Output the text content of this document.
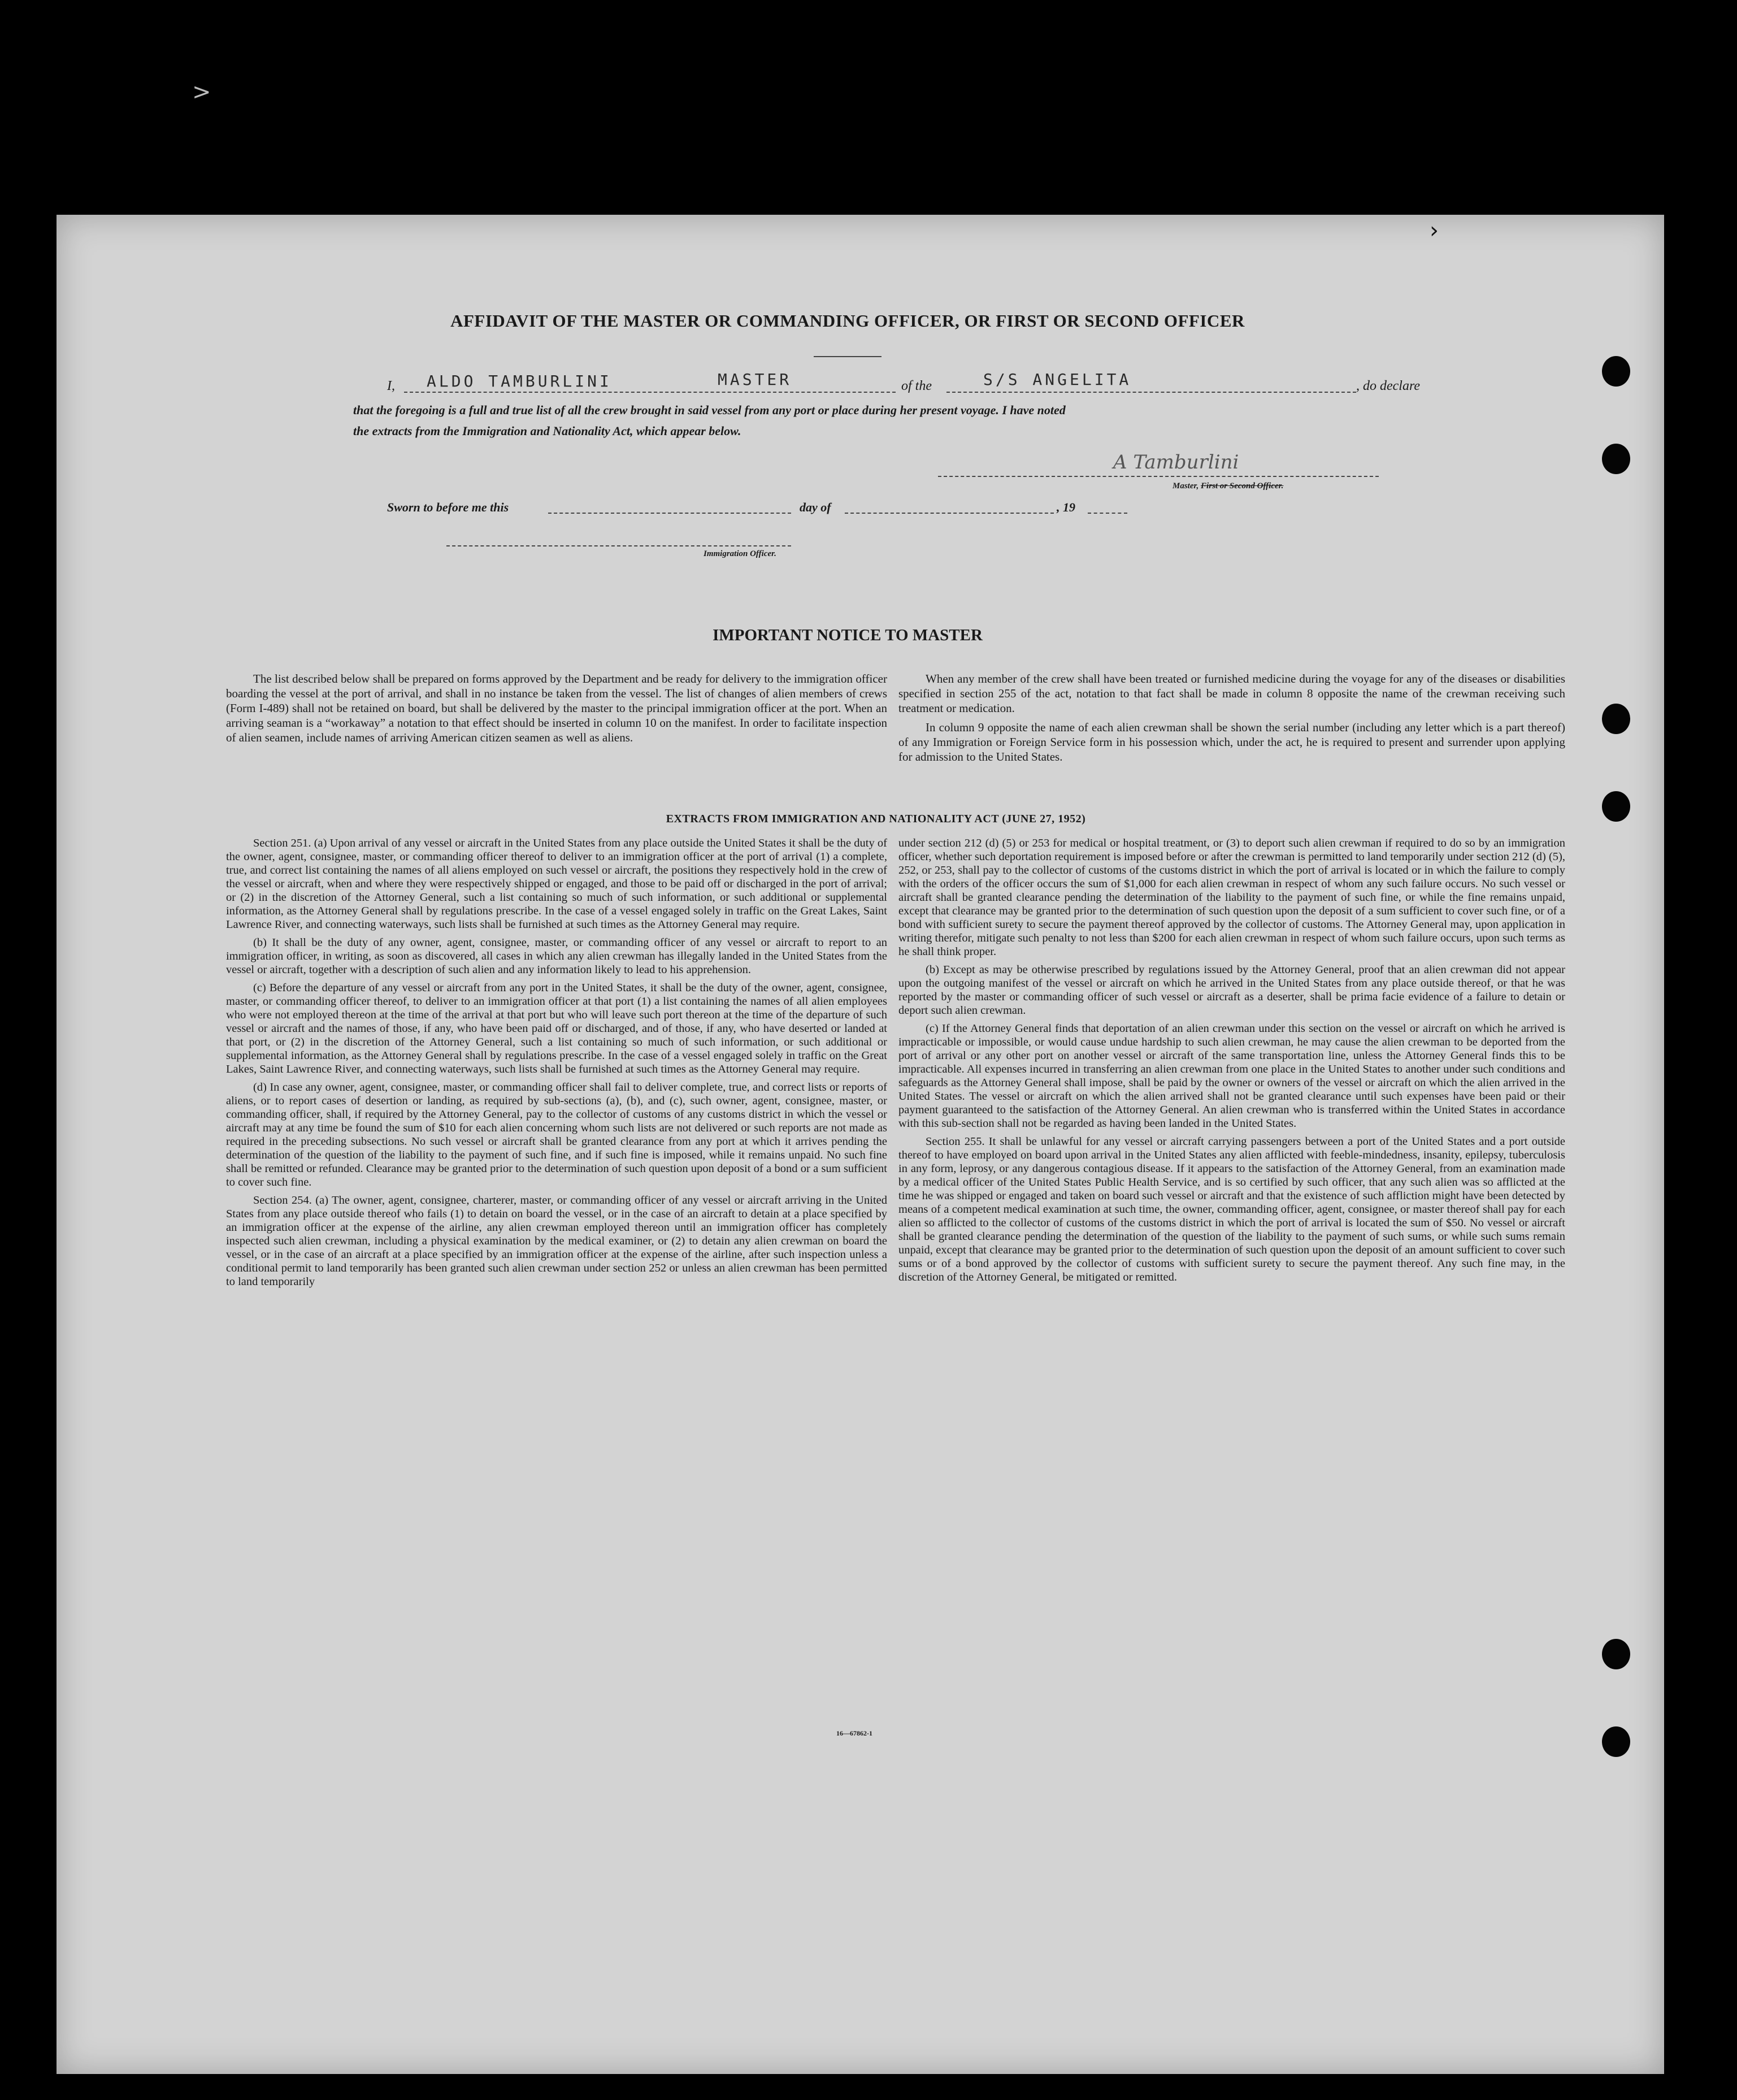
AFFIDAVIT OF THE MASTER OR COMMANDING OFFICER, OR FIRST OR SECOND OFFICER
I, ALDO TAMBURLINI	MASTER	of the	S/S ANGELITA	, do declare
that the foregoing is a full and true list of all the crew brought in said vessel from any port or place during her present voyage. I have noted
the extracts from the Immigration and Nationality Act, which appear below.
A Tamburlini
Master, First or Second Officer.
Sworn to before me this	day of	, 19
Immigration Officer.
IMPORTANT NOTICE TO MASTER

The list described below shall be prepared on forms approved by the Department and be ready for delivery to the immigration officer boarding the vessel at the port of arrival, and shall in no instance be taken from the vessel. The list of changes of alien members of crews (Form I-489) shall not be retained on board, but shall be delivered by the master to the principal immigration officer at the port. When an arriving seaman is a “workaway” a notation to that effect should be inserted in column 10 on the manifest. In order to facilitate inspection of alien seamen, include names of arriving American citizen seamen as well as aliens.

When any member of the crew shall have been treated or furnished medicine during the voyage for any of the diseases or disabilities specified in section 255 of the act, notation to that fact shall be made in column 8 opposite the name of the crewman receiving such treatment or medication.

In column 9 opposite the name of each alien crewman shall be shown the serial number (including any letter which is a part thereof) of any Immigration or Foreign Service form in his possession which, under the act, he is required to present and surrender upon applying for admission to the United States.

EXTRACTS FROM IMMIGRATION AND NATIONALITY ACT (JUNE 27, 1952)

Section 251. (a) Upon arrival of any vessel or aircraft in the United States from any place outside the United States it shall be the duty of the owner, agent, consignee, master, or commanding officer thereof to deliver to an immigration officer at the port of arrival (1) a complete, true, and correct list containing the names of all aliens employed on such vessel or aircraft, the positions they respectively hold in the crew of the vessel or aircraft, when and where they were respectively shipped or engaged, and those to be paid off or discharged in the port of arrival; or (2) in the discretion of the Attorney General, such a list containing so much of such information, or such additional or supplemental information, as the Attorney General shall by regulations prescribe. In the case of a vessel engaged solely in traffic on the Great Lakes, Saint Lawrence River, and connecting waterways, such lists shall be furnished at such times as the Attorney General may require.

(b) It shall be the duty of any owner, agent, consignee, master, or commanding officer of any vessel or aircraft to report to an immigration officer, in writing, as soon as discovered, all cases in which any alien crewman has illegally landed in the United States from the vessel or aircraft, together with a description of such alien and any information likely to lead to his apprehension.

(c) Before the departure of any vessel or aircraft from any port in the United States, it shall be the duty of the owner, agent, consignee, master, or commanding officer thereof, to deliver to an immigration officer at that port (1) a list containing the names of all alien employees who were not employed thereon at the time of the arrival at that port but who will leave such port thereon at the time of the departure of such vessel or aircraft and the names of those, if any, who have been paid off or discharged, and of those, if any, who have deserted or landed at that port, or (2) in the discretion of the Attorney General, such a list containing so much of such information, or such additional or supplemental information, as the Attorney General shall by regulations prescribe. In the case of a vessel engaged solely in traffic on the Great Lakes, Saint Lawrence River, and connecting waterways, such lists shall be furnished at such times as the Attorney General may require.

(d) In case any owner, agent, consignee, master, or commanding officer shall fail to deliver complete, true, and correct lists or reports of aliens, or to report cases of desertion or landing, as required by sub-sections (a), (b), and (c), such owner, agent, consignee, master, or commanding officer, shall, if required by the Attorney General, pay to the collector of customs of any customs district in which the vessel or aircraft may at any time be found the sum of $10 for each alien concerning whom such lists are not delivered or such reports are not made as required in the preceding subsections. No such vessel or aircraft shall be granted clearance from any port at which it arrives pending the determination of the question of the liability to the payment of such fine, and if such fine is imposed, while it remains unpaid. No such fine shall be remitted or refunded. Clearance may be granted prior to the determination of such question upon deposit of a bond or a sum sufficient to cover such fine.

Section 254. (a) The owner, agent, consignee, charterer, master, or commanding officer of any vessel or aircraft arriving in the United States from any place outside thereof who fails (1) to detain on board the vessel, or in the case of an aircraft to detain at a place specified by an immigration officer at the expense of the airline, any alien crewman employed thereon until an immigration officer has completely inspected such alien crewman, including a physical examination by the medical examiner, or (2) to detain any alien crewman on board the vessel, or in the case of an aircraft at a place specified by an immigration officer at the expense of the airline, after such inspection unless a conditional permit to land temporarily has been granted such alien crewman under section 252 or unless an alien crewman has been permitted to land temporarily

under section 212 (d) (5) or 253 for medical or hospital treatment, or (3) to deport such alien crewman if required to do so by an immigration officer, whether such deportation requirement is imposed before or after the crewman is permitted to land temporarily under section 212 (d) (5), 252, or 253, shall pay to the collector of customs of the customs district in which the port of arrival is located or in which the failure to comply with the orders of the officer occurs the sum of $1,000 for each alien crewman in respect of whom any such failure occurs. No such vessel or aircraft shall be granted clearance pending the determination of the liability to the payment of such fine, or while the fine remains unpaid, except that clearance may be granted prior to the determination of such question upon the deposit of a sum sufficient to cover such fine, or of a bond with sufficient surety to secure the payment thereof approved by the collector of customs. The Attorney General may, upon application in writing therefor, mitigate such penalty to not less than $200 for each alien crewman in respect of whom such failure occurs, upon such terms as he shall think proper.

(b) Except as may be otherwise prescribed by regulations issued by the Attorney General, proof that an alien crewman did not appear upon the outgoing manifest of the vessel or aircraft on which he arrived in the United States from any place outside thereof, or that he was reported by the master or commanding officer of such vessel or aircraft as a deserter, shall be prima facie evidence of a failure to detain or deport such alien crewman.

(c) If the Attorney General finds that deportation of an alien crewman under this section on the vessel or aircraft on which he arrived is impracticable or impossible, or would cause undue hardship to such alien crewman, he may cause the alien crewman to be deported from the port of arrival or any other port on another vessel or aircraft of the same transportation line, unless the Attorney General finds this to be impracticable. All expenses incurred in transferring an alien crewman from one place in the United States to another under such conditions and safeguards as the Attorney General shall impose, shall be paid by the owner or owners of the vessel or aircraft on which the alien arrived in the United States. The vessel or aircraft on which the alien arrived shall not be granted clearance until such expenses have been paid or their payment guaranteed to the satisfaction of the Attorney General. An alien crewman who is transferred within the United States in accordance with this sub-section shall not be regarded as having been landed in the United States.

Section 255. It shall be unlawful for any vessel or aircraft carrying passengers between a port of the United States and a port outside thereof to have employed on board upon arrival in the United States any alien afflicted with feeble-mindedness, insanity, epilepsy, tuberculosis in any form, leprosy, or any dangerous contagious disease. If it appears to the satisfaction of the Attorney General, from an examination made by a medical officer of the United States Public Health Service, and is so certified by such officer, that any such alien was so afflicted at the time he was shipped or engaged and taken on board such vessel or aircraft and that the existence of such affliction might have been detected by means of a competent medical examination at such time, the owner, commanding officer, agent, consignee, or master thereof shall pay for each alien so afflicted to the collector of customs of the customs district in which the port of arrival is located the sum of $50. No vessel or aircraft shall be granted clearance pending the determination of the question of the liability to the payment of such sums, or while such sums remain unpaid, except that clearance may be granted prior to the determination of such question upon the deposit of an amount sufficient to cover such sums or of a bond approved by the collector of customs with sufficient surety to secure the payment thereof. Any such fine may, in the discretion of the Attorney General, be mitigated or remitted.

16—67862-1
>
›
